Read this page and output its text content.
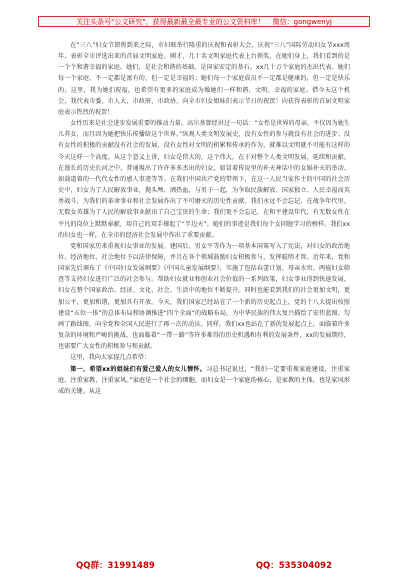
关注头条号"公文研究"，获得最新最全最专业的公文资料库！ 微信：gongwenyj

在“三八”妇女节即将到来之际，市妇联举行隆重的庆祝和表彰大会，庆祝“三八”国际劳动妇女节xxx周年，表彰全市评选出来的首届文明家庭。刚才，几十名文明家庭代表上台领奖，在她们身上，我们看到的是一个个和谐幸福的家庭。她们，是社会和谐的基础，是国家安定的基石。xx几十万个家庭的杰出代表。她们每一个家庭，不一定都是富有的，但一定是幸福的；她们每一个家庭成员不一定都是健康的，但一定是快乐的。这里，我为她们祝福，也希望有更多的家庭成为像她们一样和谐、文明、幸福的家庭。借今天这个机会，我代表市委、市人大、市政府、市政协，向全市妇女姐妹们表示节日的祝贺！向获得表彰的首届文明家庭表示热烈的祝贺！

女性历来是社会进步发展重要的推动力量。高尔基曾经讲过一句话：“女性是世界的母亲，不仅因为她生儿养女，而且因为她把快乐传播给这个世界。”纵观人类文明发展史，没有女性的参与就没有社会的进步；没有女性的积极的贡献没有社会的发展，没有女性对文明的积累和传承的作为，就难以文明就不可能有这样的今天这样一个高度。从这个意义上讲，妇女是伟大的，这个伟大，在于对整个人类文明发展、延续和贡献。在漫长的历史长河之中，普通現出了许许多多杰出的妇女，如冒着传说里的补天神话中的女娲补天的举动、如载道着的一代代女性的感人事迹等等。在我们中国共产党的带领下，在这一人民当家作主的中国的社会历史中，妇女为了人民解放事业，抛头颅、洒热血，与男子一起，为争取民族解放、国家独立、人民幸福而英勇战斗，为我们的革命事业和社会发展作出了不可磨灭的历史性贡献。我们永远不会忘记，在战争年代里，无数女英雄为了人民的解放事业献出了自己宝贵的生命；我们更不会忘记，在和平建设年代，有无数女性在平凡的岗位上默默奉献，用自己的双手撑起了“半边天”。她们的事迹是我们每个女同胞学习的榜样。我们xx的妇女也一样，在全市的经济社会发展中作出了重要贡献。

党和国家历来重视妇女事业的发展。建国后，男女平等作为一项基本国策写入了宪法，对妇女的政治地位、经济地位、社会地位予以法律保障，并且在各个领域鼓励妇女积极参与，发挥聪明才智。近年来，党和国家先后颁布了《中国妇女发展纲要》《中国儿童发展纲要》，实施了包括春蕾计划、母亲水窖、两癌妇女筛查等支持妇女进行广泛的社会参与。帮助妇女就业和创业社会价值的一系列政策，妇女事业得到快速发展，妇女在整个国家政治、经济、文化、社会、生活中的地位不断提升。同时也能看到我们的社会更加文明，更加公平、更加和谐，更加具有开放。今天，我们国家已经站在了一个新的历史起点上，党的十八大提出按照建设“五位一体”的总体布局和协调推进“四个全面”的战略布局，为中华民族的伟大复兴描绘了宏伟蓝图、勾画了路线图，向全党和全国人民进行了再一次的动员。同样，我们xx也站在了新的发展起点上，面临着许多复杂的环境和严峻的挑战，也面临着“一带一路”等许多难得的历史机遇和有利的发展条件，xx的发展期待，也需要广大女性的积极参与和贡献。

这里，我向大家提几点希望：

第一，希望xx的姐妹们有爱己爱人的女儿情怀。习总书记说过，“我们一定要重视家庭建设，注重家庭、注重家教、注重家风。”家庭是一个社会的细胞，而妇女是一个家庭的核心，是家教的主体，也是家风形成的关键。从这

QQ群：31991489	QQ：535304092
